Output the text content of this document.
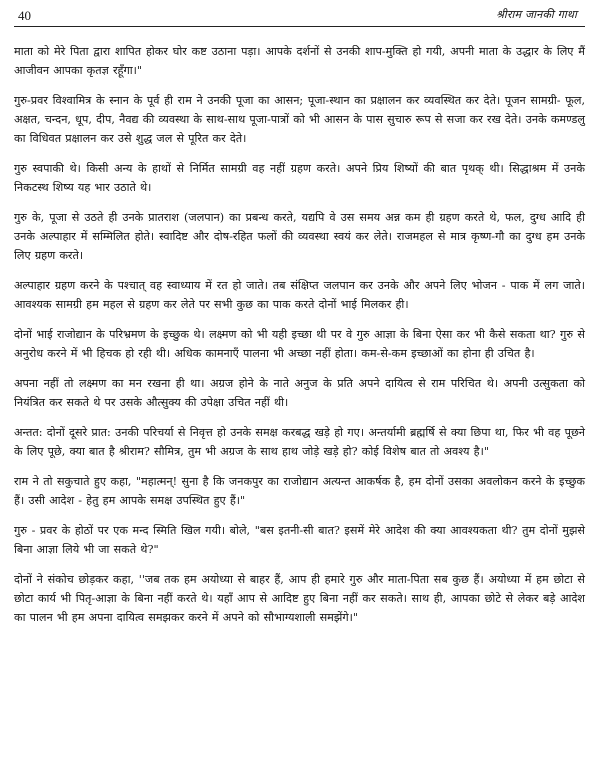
40	श्रीराम जानकी गाथा

माता को मेरे पिता द्वारा शापित होकर घोर कष्ट उठाना पड़ा। आपके दर्शनों से उनकी शाप-मुक्ति हो गयी, अपनी माता के उद्धार के लिए मैं आजीवन आपका कृतज्ञ रहूँगा।"

गुरु-प्रवर विश्वामित्र के स्नान के पूर्व ही राम ने उनकी पूजा का आसन; पूजा-स्थान का प्रक्षालन कर व्यवस्थित कर देते। पूजन सामग्री- फूल, अक्षत, चन्दन, धूप, दीप, नैवद्य की व्यवस्था के साथ-साथ पूजा-पात्रों को भी आसन के पास सुचारु रूप से सजा कर रख देते। उनके कमण्डलु का विधिवत प्रक्षालन कर उसे शुद्ध जल से पूरित कर देते।

गुरु स्वपाकी थे। किसी अन्य के हाथों से निर्मित सामग्री वह नहीं ग्रहण करते। अपने प्रिय शिष्यों की बात पृथक् थी। सिद्धाश्रम में उनके निकटस्थ शिष्य यह भार उठाते थे।

गुरु के, पूजा से उठते ही उनके प्रातराश (जलपान) का प्रबन्ध करते, यद्यपि वे उस समय अन्न कम ही ग्रहण करते थे, फल, दुग्ध आदि ही उनके अल्पाहार में सम्मिलित होते। स्वादिष्ट और दोष-रहित फलों की व्यवस्था स्वयं कर लेते। राजमहल से मात्र कृष्ण-गौ का दुग्ध हम उनके लिए ग्रहण करते।

अल्पाहार ग्रहण करने के पश्चात् वह स्वाध्याय में रत हो जाते। तब संक्षिप्त जलपान कर उनके और अपने लिए भोजन - पाक में लग जाते। आवश्यक सामग्री हम महल से ग्रहण कर लेते पर सभी कुछ का पाक करते दोनों भाई मिलकर ही।

दोनों भाई राजोद्यान के परिभ्रमण के इच्छुक थे। लक्ष्मण को भी यही इच्छा थी पर वे गुरु आज्ञा के बिना ऐसा कर भी कैसे सकता था? गुरु से अनुरोध करने में भी हिचक हो रही थी। अधिक कामनाएँ पालना भी अच्छा नहीं होता। कम-से-कम इच्छाओं का होना ही उचित है।

अपना नहीं तो लक्ष्मण का मन रखना ही था। अग्रज होने के नाते अनुज के प्रति अपने दायित्व से राम परिचित थे। अपनी उत्सुकता को नियंत्रित कर सकते थे पर उसके औत्सुक्य की उपेक्षा उचित नहीं थी।

अन्तत: दोनों दूसरे प्रात: उनकी परिचर्या से निवृत्त हो उनके समक्ष करबद्ध खड़े हो गए। अन्तर्यामी ब्रह्मर्षि से क्या छिपा था, फिर भी वह पूछने के लिए पूछे, क्या बात है श्रीराम? सौमित्र, तुम भी अग्रज के साथ हाथ जोड़े खड़े हो? कोई विशेष बात तो अवश्य है।"

राम ने तो सकुचाते हुए कहा, "महात्मन्! सुना है कि जनकपुर का राजोद्यान अत्यन्त आकर्षक है, हम दोनों उसका अवलोकन करने के इच्छुक हैं। उसी आदेश - हेतु हम आपके समक्ष उपस्थित हुए हैं।"

गुरु - प्रवर के होठों पर एक मन्द स्मिति खिल गयी। बोले, "बस इतनी-सी बात? इसमें मेरे आदेश की क्या आवश्यकता थी? तुम दोनों मुझसे बिना आज्ञा लिये भी जा सकते थे?"

दोनों ने संकोच छोड़कर कहा, ''जब तक हम अयोध्या से बाहर हैं, आप ही हमारे गुरु और माता-पिता सब कुछ हैं। अयोध्या में हम छोटा से छोटा कार्य भी पितृ-आज्ञा के बिना नहीं करते थे। यहाँ आप से आदिष्ट हुए बिना नहीं कर सकते। साथ ही, आपका छोटे से लेकर बड़े आदेश का पालन भी हम अपना दायित्व समझकर करने में अपने को सौभाग्यशाली समझेंगे।"
